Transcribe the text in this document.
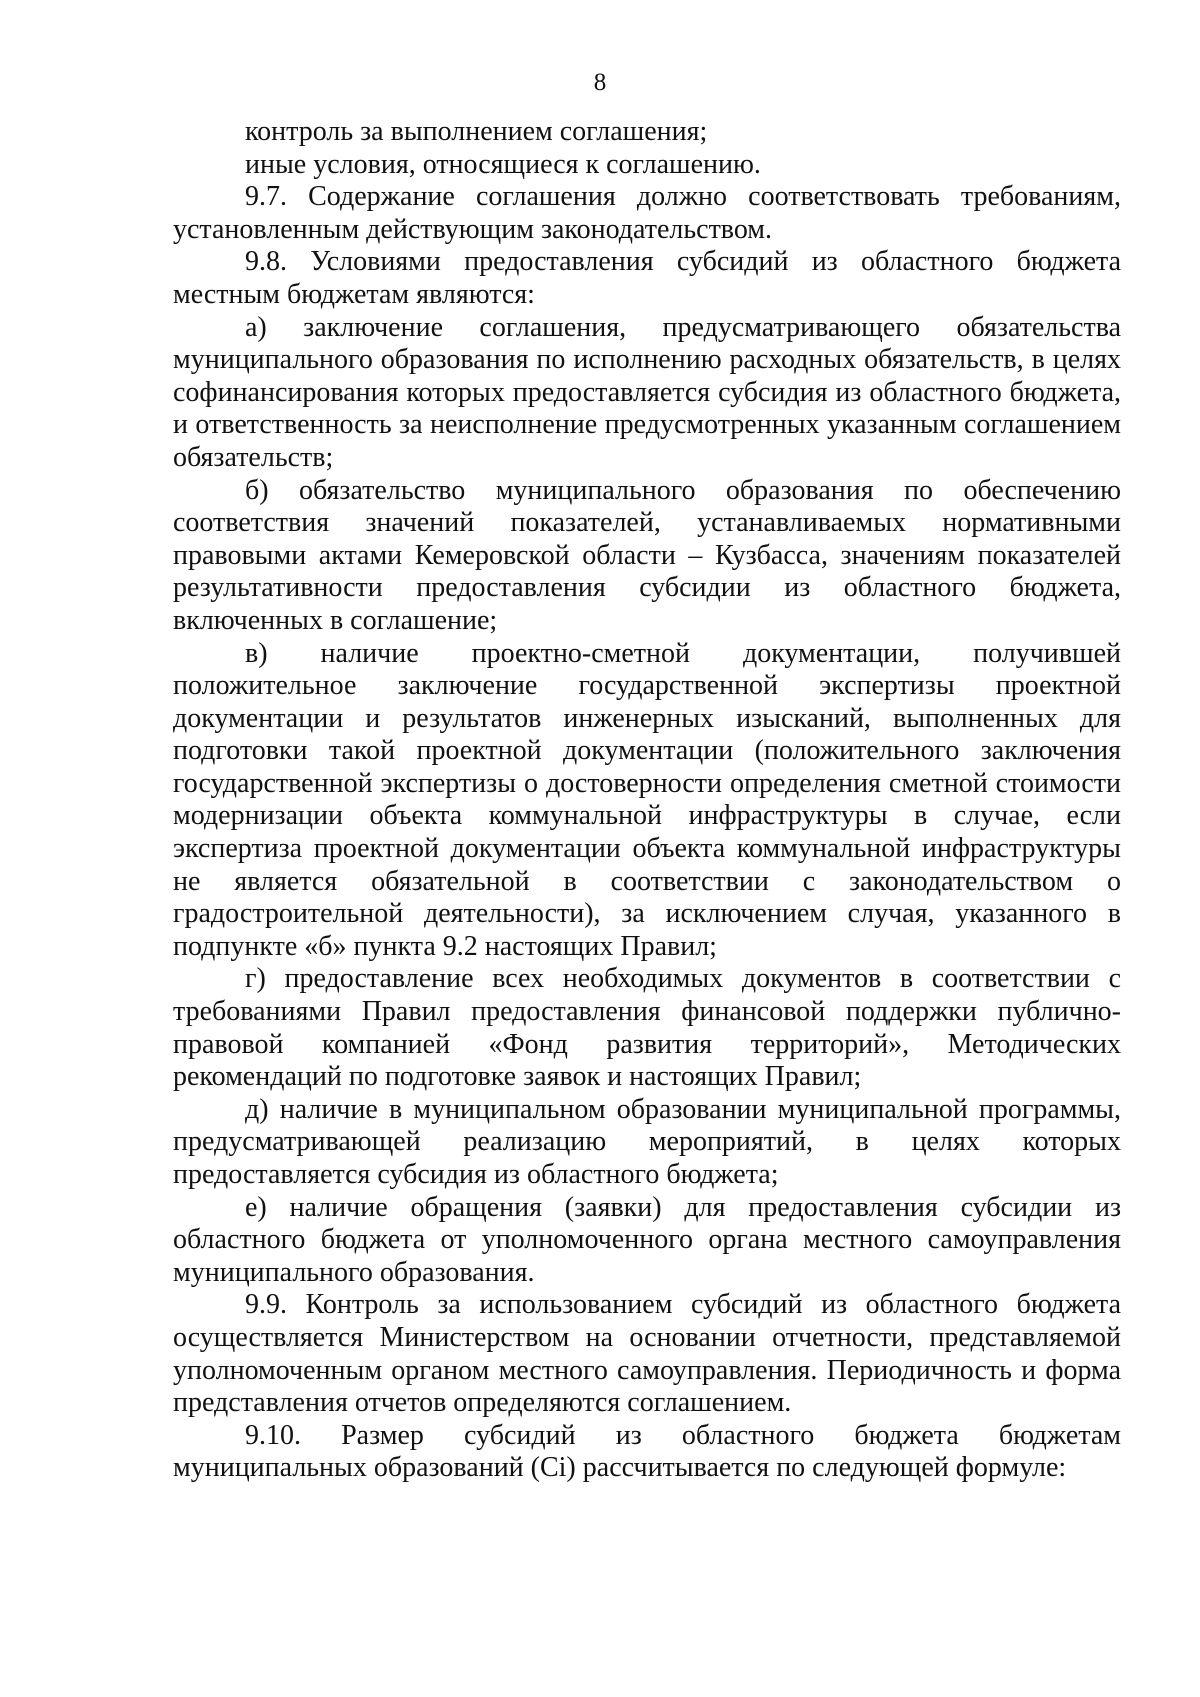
8

контроль за выполнением соглашения;

иные условия, относящиеся к соглашению.

9.7. Содержание соглашения должно соответствовать требованиям, установленным действующим законодательством.

9.8. Условиями предоставления субсидий из областного бюджета местным бюджетам являются:

а) заключение соглашения, предусматривающего обязательства муниципального образования по исполнению расходных обязательств, в целях софинансирования которых предоставляется субсидия из областного бюджета, и ответственность за неисполнение предусмотренных указанным соглашением обязательств;

б) обязательство муниципального образования по обеспечению соответствия значений показателей, устанавливаемых нормативными правовыми актами Кемеровской области – Кузбасса, значениям показателей результативности предоставления субсидии из областного бюджета, включенных в соглашение;

в) наличие проектно-сметной документации, получившей положительное заключение государственной экспертизы проектной документации и результатов инженерных изысканий, выполненных для подготовки такой проектной документации (положительного заключения государственной экспертизы о достоверности определения сметной стоимости модернизации объекта коммунальной инфраструктуры в случае, если экспертиза проектной документации объекта коммунальной инфраструктуры не является обязательной в соответствии с законодательством о градостроительной деятельности), за исключением случая, указанного в подпункте «б» пункта 9.2 настоящих Правил;

г) предоставление всех необходимых документов в соответствии с требованиями Правил предоставления финансовой поддержки публично-правовой компанией «Фонд развития территорий», Методических рекомендаций по подготовке заявок и настоящих Правил;

д) наличие в муниципальном образовании муниципальной программы, предусматривающей реализацию мероприятий, в целях которых предоставляется субсидия из областного бюджета;

е) наличие обращения (заявки) для предоставления субсидии из областного бюджета от уполномоченного органа местного самоуправления муниципального образования.

9.9. Контроль за использованием субсидий из областного бюджета осуществляется Министерством на основании отчетности, представляемой уполномоченным органом местного самоуправления. Периодичность и форма представления отчетов определяются соглашением.

9.10. Размер субсидий из областного бюджета бюджетам муниципальных образований (Ci) рассчитывается по следующей формуле:
